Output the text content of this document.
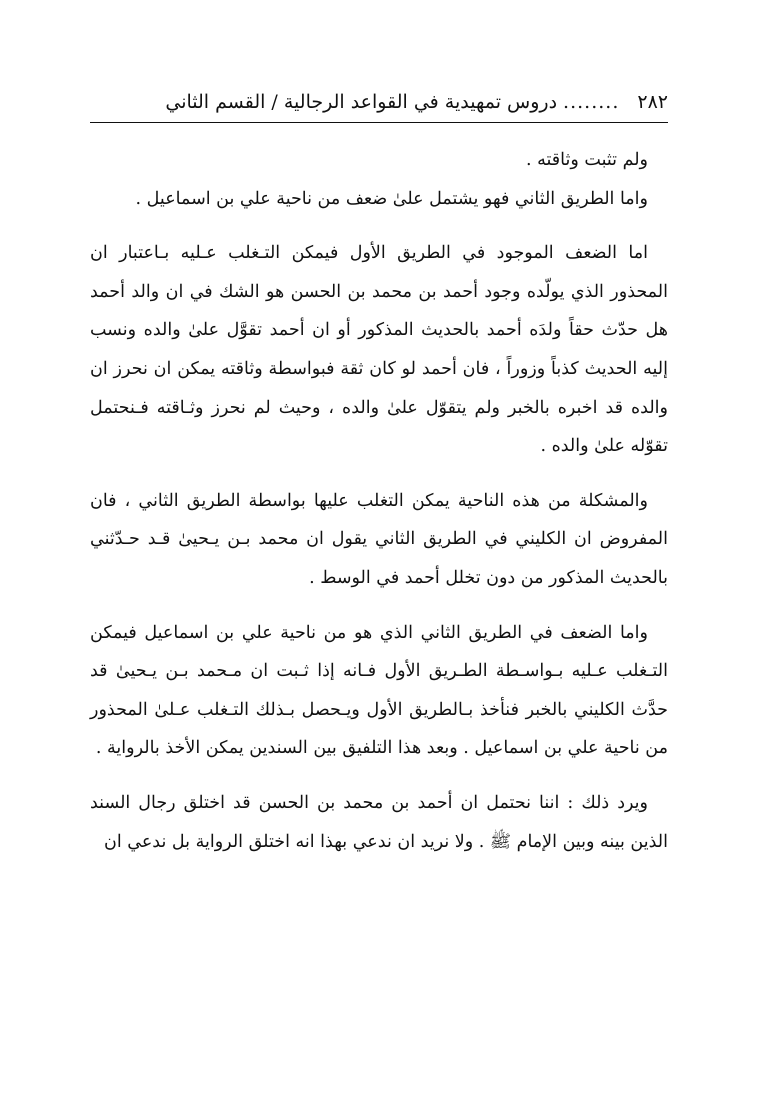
٢٨٢
........
دروس تمهيدية في القواعد الرجالية / القسم الثاني

ولم تثبت وثاقته .

واما الطريق الثاني فهو يشتمل علىٰ ضعف من ناحية علي بن اسماعيل .

اما الضعف الموجود في الطريق الأول فيمكن التـغلب عـليه بـاعتبار ان المحذور الذي يولّده وجود أحمد بن محمد بن الحسن هو الشك في ان والد أحمد هل حدّث حقاً ولدَه أحمد بالحديث المذكور أو ان أحمد تقوَّل علىٰ والده ونسب إليه الحديث كذباً وزوراً ، فان أحمد لو كان ثقة فبواسطة وثاقته يمكن ان نحرز ان والده قد اخبره بالخبر ولم يتقوّل علىٰ والده ، وحيث لم نحرز وثـاقته فـنحتمل تقوّله علىٰ والده .

والمشكلة من هذه الناحية يمكن التغلب عليها بواسطة الطريق الثاني ، فان المفروض ان الكليني في الطريق الثاني يقول ان محمد بـن يـحيىٰ قـد حـدّثني بالحديث المذكور من دون تخلل أحمد في الوسط .

واما الضعف في الطريق الثاني الذي هو من ناحية علي بن اسماعيل فيمكن التـغلب عـليه بـواسـطة الطـريق الأول فـانه إذا ثـبت ان مـحمد بـن يـحيىٰ قد حدَّث الكليني بالخبر فنأخذ بـالطريق الأول ويـحصل بـذلك التـغلب عـلىٰ المحذور من ناحية علي بن اسماعيل . وبعد هذا التلفيق بين السندين يمكن الأخذ بالرواية .

ويرد ذلك : اننا نحتمل ان أحمد بن محمد بن الحسن قد اختلق رجال السند الذين بينه وبين الإمام ﷺ . ولا نريد ان ندعي بهذا انه اختلق الرواية بل ندعي ان
